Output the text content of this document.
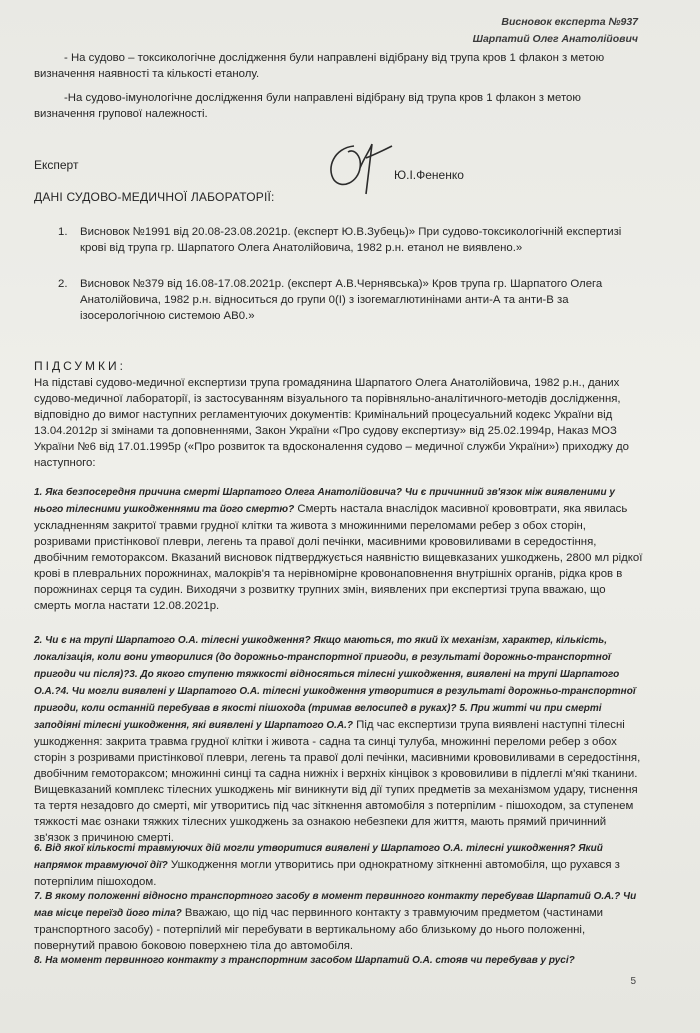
Висновок експерта №937
Шарпатий Олег Анатолійович

- На судово – токсикологічне дослідження були направлені відібрану від трупа кров 1 флакон з метою визначення наявності та кількості етанолу.

-На судово-імунологічне дослідження були направлені відібрану від трупа кров 1 флакон з метою визначення групової належності.

Експерт
Ю.І.Фененко
ДАНІ СУДОВО-МЕДИЧНОЇ ЛАБОРАТОРІЇ:
1. Висновок №1991 від 20.08-23.08.2021р. (експерт Ю.В.Зубець)» При судово-токсикологічній експертизі крові від трупа гр. Шарпатого Олега Анатолійовича, 1982 р.н. етанол не виявлено.»

2. Висновок №379 від 16.08-17.08.2021р. (експерт А.В.Чернявська)» Кров трупа гр. Шарпатого Олега Анатолійовича, 1982 р.н. відноситься до групи 0(І) з ізогемаглютинінами анти-А та анти-В за ізосерологічною системою АВ0.»

ПІДСУМКИ:

На підставі судово-медичної експертизи трупа громадянина Шарпатого Олега Анатолійовича, 1982 р.н., даних судово-медичної лабораторії, із застосуванням візуального та порівняльно-аналітичного-методів дослідження, відповідно до вимог наступних регламентуючих документів: Кримінальний процесуальний кодекс України від 13.04.2012р зі змінами та доповненнями, Закон України «Про судову експертизу» від 25.02.1994р, Наказ МОЗ України №6 від 17.01.1995р («Про розвиток та вдосконалення судово – медичної служби України») приходжу до наступного:

1. Яка безпосередня причина смерті Шарпатого Олега Анатолійовича? Чи є причинний зв'язок між виявленими у нього тілесними ушкодженнями та його смертю? Смерть настала внаслідок масивної крововтрати, яка явилась ускладненням закритої травми грудної клітки та живота з множинними переломами ребер з обох сторін, розривами пристінкової плеври, легень та правої долі печінки, масивними крововиливами в середостіння, двобічним гемотораксом. Вказаний висновок підтверджується наявністю вищевказаних ушкоджень, 2800 мл рідкої крові в плевральних порожнинах, малокрів'я та нерівномірне кровонаповнення внутрішніх органів, рідка кров в порожнинах серця та судин. Виходячи з розвитку трупних змін, виявлених при експертизі трупа вважаю, що смерть могла настати 12.08.2021р.

2. Чи є на трупі Шарпатого О.А. тілесні ушкодження? Якщо маються, то який їх механізм, характер, кількість, локалізація, коли вони утворилися (до дорожньо-транспортної пригоди, в результаті дорожньо-транспортної пригоди чи після)?3. До якого ступеню тяжкості відносяться тілесні ушкодження, виявлені на трупі Шарпатого О.А.?4. Чи могли виявлені у Шарпатого О.А. тілесні ушкодження утворитися в результаті дорожньо-транспортної пригоди, коли останній перебував в якості пішохода (тримав велосипед в руках)? 5. При житті чи при смерті заподіяні тілесні ушкодження, які виявлені у Шарпатого О.А.? Під час експертизи трупа виявлені наступні тілесні ушкодження: закрита травма грудної клітки і живота - садна та синці тулуба, множинні переломи ребер з обох сторін з розривами пристінкової плеври, легень та правої долі печінки, масивними крововиливами в середостіння, двобічним гемотораксом; множинні синці та садна нижніх і верхніх кінцівок з крововиливи в підлеглі м'які тканини. Вищевказаний комплекс тілесних ушкоджень міг виникнути від дії тупих предметів за механізмом удару, тиснення та тертя незадовго до смерті, міг утворитись під час зіткнення автомобіля з потерпілим - пішоходом, за ступенем тяжкості має ознаки тяжких тілесних ушкоджень за ознакою небезпеки для життя, мають прямий причинний зв'язок з причиною смерті.

6. Від якої кількості травмуючих дій могли утворитися виявлені у Шарпатого О.А. тілесні ушкодження? Який напрямок травмуючої дії? Ушкодження могли утворитись при однократному зіткненні автомобіля, що рухався з потерпілим пішоходом.

7. В якому положенні відносно транспортного засобу в момент первинного контакту перебував Шарпатий О.А.? Чи мав місце переїзд його тіла? Вважаю, що під час первинного контакту з травмуючим предметом (частинами транспортного засобу) - потерпілий міг перебувати в вертикальному або близькому до нього положенні, повернутий правою боковою поверхнею тіла до автомобіля.

8. На момент первинного контакту з транспортним засобом Шарпатий О.А. стояв чи перебував у русі?

5
